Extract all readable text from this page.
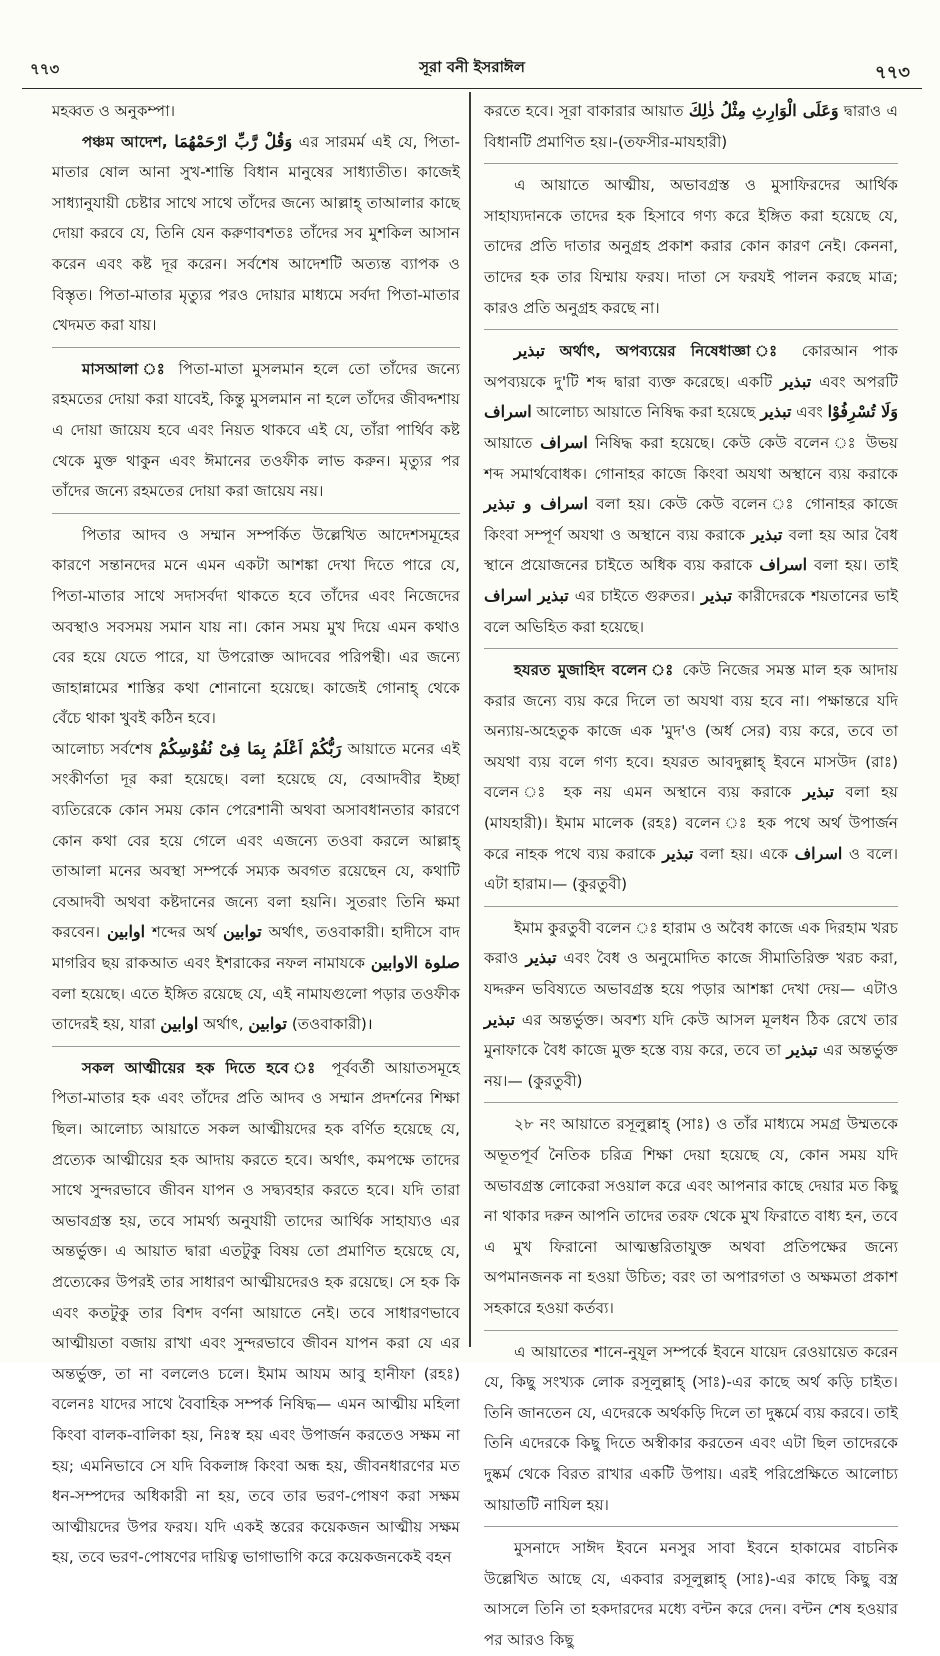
৭৭৩	সূরা বনী ইসরাঈল	৭৭৩

মহব্বত ও অনুকম্পা।

পঞ্চম আদেশ, وَقُلْ رَّبِّ ارْحَمْهُمَا এর সারমর্ম এই যে, পিতা-মাতার ষোল আনা সুখ-শান্তি বিধান মানুষের সাধ্যাতীত। কাজেই সাধ্যানুযায়ী চেষ্টার সাথে সাথে তাঁদের জন্যে আল্লাহ্ তাআলার কাছে দোয়া করবে যে, তিনি যেন করুণাবশতঃ তাঁদের সব মুশকিল আসান করেন এবং কষ্ট দূর করেন। সর্বশেষ আদেশটি অত্যন্ত ব্যাপক ও বিস্তৃত। পিতা-মাতার মৃত্যুর পরও দোয়ার মাধ্যমে সর্বদা পিতা-মাতার খেদমত করা যায়।

মাসআলা ঃ পিতা-মাতা মুসলমান হলে তো তাঁদের জন্যে রহমতের দোয়া করা যাবেই, কিন্তু মুসলমান না হলে তাঁদের জীবদ্দশায় এ দোয়া জায়েয হবে এবং নিয়ত থাকবে এই যে, তাঁরা পার্থিব কষ্ট থেকে মুক্ত থাকুন এবং ঈমানের তওফীক লাভ করুন। মৃত্যুর পর তাঁদের জন্যে রহমতের দোয়া করা জায়েয নয়।

পিতার আদব ও সম্মান সম্পর্কিত উল্লেখিত আদেশসমূহের কারণে সন্তানদের মনে এমন একটা আশঙ্কা দেখা দিতে পারে যে, পিতা-মাতার সাথে সদাসর্বদা থাকতে হবে তাঁদের এবং নিজেদের অবস্থাও সবসময় সমান যায় না। কোন সময় মুখ দিয়ে এমন কথাও বের হয়ে যেতে পারে, যা উপরোক্ত আদবের পরিপন্থী। এর জন্যে জাহান্নামের শাস্তির কথা শোনানো হয়েছে। কাজেই গোনাহ্ থেকে বেঁচে থাকা খুবই কঠিন হবে।

আলোচ্য সর্বশেষ رَبُّكُمْ اَعْلَمُ بِمَا فِىْ نُفُوْسِكُمْ আয়াতে মনের এই সংকীর্ণতা দূর করা হয়েছে। বলা হয়েছে যে, বেআদবীর ইচ্ছা ব্যতিরেকে কোন সময় কোন পেরেশানী অথবা অসাবধানতার কারণে কোন কথা বের হয়ে গেলে এবং এজন্যে তওবা করলে আল্লাহ্ তাআলা মনের অবস্থা সম্পর্কে সম্যক অবগত রয়েছেন যে, কথাটি বেআদবী অথবা কষ্টদানের জন্যে বলা হয়নি। সুতরাং তিনি ক্ষমা করবেন। اوابين শব্দের অর্থ توابين অর্থাৎ, তওবাকারী। হাদীসে বাদ মাগরিব ছয় রাকআত এবং ইশরাকের নফল নামাযকে صلوة الاوابين বলা হয়েছে। এতে ইঙ্গিত রয়েছে যে, এই নামাযগুলো পড়ার তওফীক তাদেরই হয়, যারা اوابين অর্থাৎ, توابين (তওবাকারী)।

সকল আত্মীয়ের হক দিতে হবে ঃ পূর্ববর্তী আয়াতসমূহে পিতা-মাতার হক এবং তাঁদের প্রতি আদব ও সম্মান প্রদর্শনের শিক্ষা ছিল। আলোচ্য আয়াতে সকল আত্মীয়দের হক বর্ণিত হয়েছে যে, প্রত্যেক আত্মীয়ের হক আদায় করতে হবে। অর্থাৎ, কমপক্ষে তাদের সাথে সুন্দরভাবে জীবন যাপন ও সদ্ব্যবহার করতে হবে। যদি তারা অভাবগ্রস্ত হয়, তবে সামর্থ্য অনুযায়ী তাদের আর্থিক সাহায্যও এর অন্তর্ভুক্ত। এ আয়াত দ্বারা এতটুকু বিষয় তো প্রমাণিত হয়েছে যে, প্রত্যেকের উপরই তার সাধারণ আত্মীয়দেরও হক রয়েছে। সে হক কি এবং কতটুকু তার বিশদ বর্ণনা আয়াতে নেই। তবে সাধারণভাবে আত্মীয়তা বজায় রাখা এবং সুন্দরভাবে জীবন যাপন করা যে এর অন্তর্ভুক্ত, তা না বললেও চলে। ইমাম আযম আবু হানীফা (রহঃ) বলেনঃ যাদের সাথে বৈবাহিক সম্পর্ক নিষিদ্ধ— এমন আত্মীয় মহিলা কিংবা বালক-বালিকা হয়, নিঃস্ব হয় এবং উপার্জন করতেও সক্ষম না হয়; এমনিভাবে সে যদি বিকলাঙ্গ কিংবা অন্ধ হয়, জীবনধারণের মত ধন-সম্পদের অধিকারী না হয়, তবে তার ভরণ-পোষণ করা সক্ষম আত্মীয়দের উপর ফরয। যদি একই স্তরের কয়েকজন আত্মীয় সক্ষম হয়, তবে ভরণ-পোষণের দায়িত্ব ভাগাভাগি করে কয়েকজনকেই বহন

করতে হবে। সূরা বাকারার আয়াত وَعَلَى الْوَارِثِ مِثْلُ ذٰلِكَ দ্বারাও এ বিধানটি প্রমাণিত হয়।-(তফসীর-মাযহারী)

এ আয়াতে আত্মীয়, অভাবগ্রস্ত ও মুসাফিরদের আর্থিক সাহায্যদানকে তাদের হক হিসাবে গণ্য করে ইঙ্গিত করা হয়েছে যে, তাদের প্রতি দাতার অনুগ্রহ প্রকাশ করার কোন কারণ নেই। কেননা, তাদের হক তার যিম্মায় ফরয। দাতা সে ফরযই পালন করছে মাত্র; কারও প্রতি অনুগ্রহ করছে না।

تبذير অর্থাৎ, অপব্যয়ের নিষেধাজ্ঞা ঃ কোরআন পাক অপব্যয়কে দু'টি শব্দ দ্বারা ব্যক্ত করেছে। একটি تبذير এবং অপরটি اسراف আলোচ্য আয়াতে নিষিদ্ধ করা হয়েছে تبذير এবং وَلَا تُسْرِفُوْا আয়াতে اسراف নিষিদ্ধ করা হয়েছে। কেউ কেউ বলেন ঃ উভয় শব্দ সমার্থবোধক। গোনাহর কাজে কিংবা অযথা অস্থানে ব্যয় করাকে اسراف و تبذير বলা হয়। কেউ কেউ বলেন ঃ গোনাহর কাজে কিংবা সম্পূর্ণ অযথা ও অস্থানে ব্যয় করাকে تبذير বলা হয় আর বৈধ স্থানে প্রয়োজনের চাইতে অধিক ব্যয় করাকে اسراف বলা হয়। তাই اسراف تبذير এর চাইতে গুরুতর। تبذير কারীদেরকে শয়তানের ভাই বলে অভিহিত করা হয়েছে।

হযরত মুজাহিদ বলেন ঃ কেউ নিজের সমস্ত মাল হক আদায় করার জন্যে ব্যয় করে দিলে তা অযথা ব্যয় হবে না। পক্ষান্তরে যদি অন্যায়-অহেতুক কাজে এক 'মুদ'ও (অর্ধ সের) ব্যয় করে, তবে তা অযথা ব্যয় বলে গণ্য হবে। হযরত আবদুল্লাহ্ ইবনে মাসউদ (রাঃ) বলেন ঃ হক নয় এমন অস্থানে ব্যয় করাকে تبذير বলা হয় (মাযহারী)। ইমাম মালেক (রহঃ) বলেন ঃ হক পথে অর্থ উপার্জন করে নাহক পথে ব্যয় করাকে تبذير বলা হয়। একে اسراف ও বলে। এটা হারাম।— (কুরতুবী)

ইমাম কুরতুবী বলেন ঃ হারাম ও অবৈধ কাজে এক দিরহাম খরচ করাও تبذير এবং বৈধ ও অনুমোদিত কাজে সীমাতিরিক্ত খরচ করা, যদ্দরুন ভবিষ্যতে অভাবগ্রস্ত হয়ে পড়ার আশঙ্কা দেখা দেয়— এটাও تبذير এর অন্তর্ভুক্ত। অবশ্য যদি কেউ আসল মূলধন ঠিক রেখে তার মুনাফাকে বৈধ কাজে মুক্ত হস্তে ব্যয় করে, তবে তা تبذير এর অন্তর্ভুক্ত নয়।— (কুরতুবী)

২৮ নং আয়াতে রসূলুল্লাহ্ (সাঃ) ও তাঁর মাধ্যমে সমগ্র উম্মতকে অভূতপূর্ব নৈতিক চরিত্র শিক্ষা দেয়া হয়েছে যে, কোন সময় যদি অভাবগ্রস্ত লোকেরা সওয়াল করে এবং আপনার কাছে দেয়ার মত কিছু না থাকার দরুন আপনি তাদের তরফ থেকে মুখ ফিরাতে বাধ্য হন, তবে এ মুখ ফিরানো আত্মম্ভরিতাযুক্ত অথবা প্রতিপক্ষের জন্যে অপমানজনক না হওয়া উচিত; বরং তা অপারগতা ও অক্ষমতা প্রকাশ সহকারে হওয়া কর্তব্য।

এ আয়াতের শানে-নুযূল সম্পর্কে ইবনে যায়েদ রেওয়ায়েত করেন যে, কিছু সংখ্যক লোক রসূলুল্লাহ্ (সাঃ)-এর কাছে অর্থ কড়ি চাইত। তিনি জানতেন যে, এদেরকে অর্থকড়ি দিলে তা দুষ্কর্মে ব্যয় করবে। তাই তিনি এদেরকে কিছু দিতে অস্বীকার করতেন এবং এটা ছিল তাদেরকে দুষ্কর্ম থেকে বিরত রাখার একটি উপায়। এরই পরিপ্রেক্ষিতে আলোচ্য আয়াতটি নাযিল হয়।

মুসনাদে সাঈদ ইবনে মনসুর সাবা ইবনে হাকামের বাচনিক উল্লেখিত আছে যে, একবার রসূলুল্লাহ্ (সাঃ)-এর কাছে কিছু বস্ত্র আসলে তিনি তা হকদারদের মধ্যে বন্টন করে দেন। বন্টন শেষ হওয়ার পর আরও কিছু
